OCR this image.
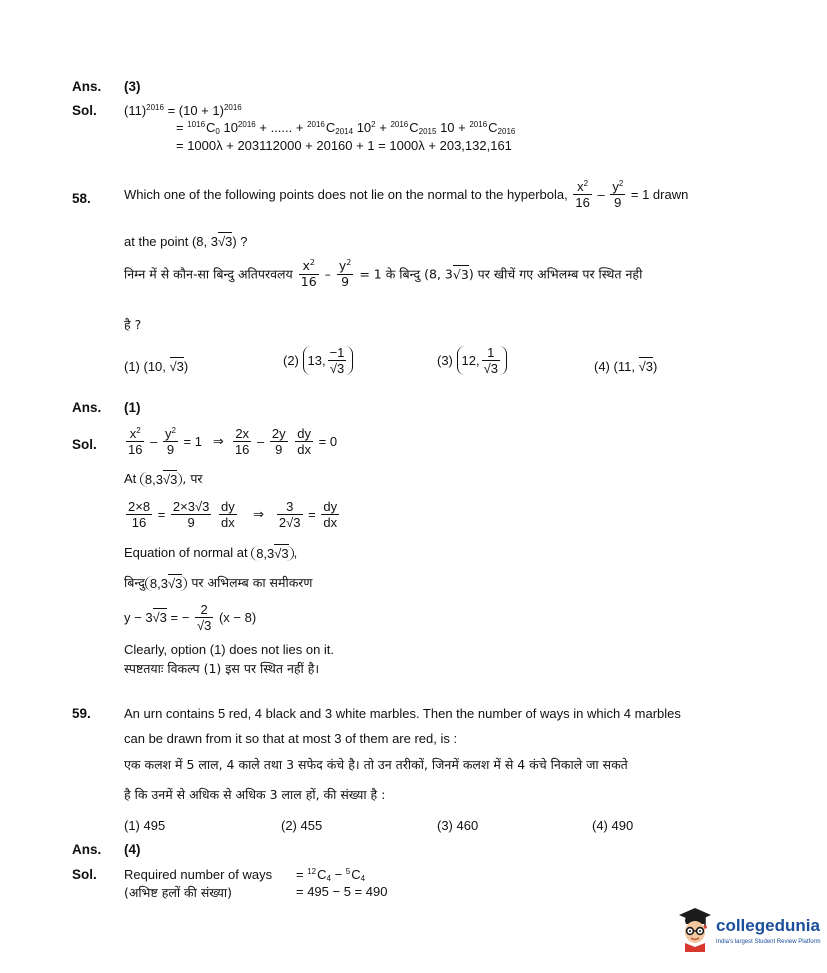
Ans. (3)
Sol. $(11)^{2016} = (10 + 1)^{2016}$
= $^{1016}C_0$ $10^{2016}$ + ...... + $^{2016}C_{2014}$ $10^2 + ^{2016}C_{2015}$ $10 + ^{2016}C_{2016}$
= 1000λ + 203112000 + 20160 + 1 = 1000λ + 203,132,161
58.	Which one of the following points does not lie on the normal to the hyperbola, $\frac{x^2}{16} - \frac{y^2}{9} = 1$ drawn
at the point (8, 3√3) ?
निम्न में से कौन-सा बिन्दु अतिपरवलय $\frac{x^2}{16} - \frac{y^2}{9} = 1$ के बिन्दु (8, 3√3) पर खीचें गए अभिलम्ब पर स्थित नही
है ?
(1) (10, √3)	(2) 13, $\frac{-1}{√3}$	(3) 12, $\frac{1}{√3}$	(4) (11, √3)
Ans. (1)
Sol. $\frac{x^2}{16} - \frac{y^2}{9} = 1$ ⇒ $\frac{2x}{16} - \frac{2y}{9}$
$\frac{dy}{dx} = 0$
At 8,3√3 , पर
$\frac{2\times 8}{16} = \frac{2\times 3√3}{9}$
$\frac{dy}{dx}$ ⇒ $\frac{3}{2√3} = \frac{dy}{dx}$
Equation of normal at 8,3√3 ,
बिन्दु 8,3√3 पर अभिलम्ब का समीकरण
y − 3√3 = − $\frac{2}{√3} (x - 8)$
Clearly, option (1) does not lies on it.
स्पष्टतयाः विकल्प (1) इस पर स्थित नहीं है।
59.	An urn contains 5 red, 4 black and 3 white marbles. Then the number of ways in which 4 marbles
can be drawn from it so that at most 3 of them are red, is :
एक कलश में 5 लाल, 4 काले तथा 3 सफेद कंचे है। तो उन तरीकों, जिनमें कलश में से 4 कंचे निकाले जा सकते
है कि उनमें से अधिक से अधिक 3 लाल हों, की संख्या है :
(1) 495	(2) 455	(3) 460	(4) 490
Ans. (4)
Sol. Required number of ways
(अभिष्ट हलों की संख्या)
= $^{12}C_4 - ^5C_4$
= 495 − 5 = 490
collegedunia
India's largest Student Review Platform
